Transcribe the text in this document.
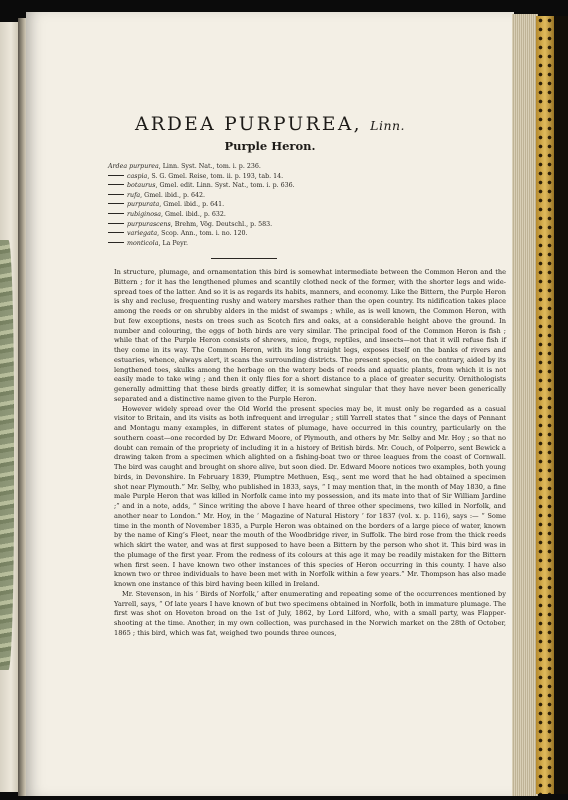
ARDEA PURPUREA, Linn.
Purple Heron.
Ardea purpurea, Linn. Syst. Nat., tom. i. p. 236.
caspia, S. G. Gmel. Reise, tom. ii. p. 193, tab. 14.
botaurus, Gmel. edit. Linn. Syst. Nat., tom. i. p. 636.
rufa, Gmel. ibid., p. 642.
purpurata, Gmel. ibid., p. 641.
rubiginosa, Gmel. ibid., p. 632.
purpurascens, Brehm, Vög. Deutschl., p. 583.
variegata, Scop. Ann., tom. i. no. 120.
monticola, La Peyr.

In structure, plumage, and ornamentation this bird is somewhat intermediate between the Common Heron and the Bittern ; for it has the lengthened plumes and scantily clothed neck of the former, with the shorter legs and wide-spread toes of the latter. And so it is as regards its habits, manners, and economy. Like the Bittern, the Purple Heron is shy and recluse, frequenting rushy and watery marshes rather than the open country. Its nidification takes place among the reeds or on shrubby alders in the midst of swamps ; while, as is well known, the Common Heron, with but few exceptions, nests on trees such as Scotch firs and oaks, at a considerable height above the ground. In number and colouring, the eggs of both birds are very similar. The principal food of the Common Heron is fish ; while that of the Purple Heron consists of shrews, mice, frogs, reptiles, and insects—not that it will refuse fish if they come in its way. The Common Heron, with its long straight legs, exposes itself on the banks of rivers and estuaries, whence, always alert, it scans the surrounding districts. The present species, on the contrary, aided by its lengthened toes, skulks among the herbage on the watery beds of reeds and aquatic plants, from which it is not easily made to take wing ; and then it only flies for a short distance to a place of greater security. Ornithologists generally admitting that these birds greatly differ, it is somewhat singular that they have never been generically separated and a distinctive name given to the Purple Heron.

However widely spread over the Old World the present species may be, it must only be regarded as a casual visitor to Britain, and its visits as both infrequent and irregular ; still Yarrell states that “ since the days of Pennant and Montagu many examples, in different states of plumage, have occurred in this country, particularly on the southern coast—one recorded by Dr. Edward Moore, of Plymouth, and others by Mr. Selby and Mr. Hoy ; so that no doubt can remain of the propriety of including it in a history of British birds. Mr. Couch, of Polperro, sent Bewick a drawing taken from a specimen which alighted on a fishing-boat two or three leagues from the coast of Cornwall. The bird was caught and brought on shore alive, but soon died. Dr. Edward Moore notices two examples, both young birds, in Devonshire. In February 1839, Plumptre Methuen, Esq., sent me word that he had obtained a specimen shot near Plymouth.” Mr. Selby, who published in 1833, says, “ I may mention that, in the month of May 1830, a fine male Purple Heron that was killed in Norfolk came into my possession, and its mate into that of Sir William Jardine ;” and in a note, adds, “ Since writing the above I have heard of three other specimens, two killed in Norfolk, and another near to London.” Mr. Hoy, in the ‘ Magazine of Natural History ’ for 1837 (vol. x. p. 116), says :— “ Some time in the month of November 1835, a Purple Heron was obtained on the borders of a large piece of water, known by the name of King’s Fleet, near the mouth of the Woodbridge river, in Suffolk. The bird rose from the thick reeds which skirt the water, and was at first supposed to have been a Bittern by the person who shot it. This bird was in the plumage of the first year. From the redness of its colours at this age it may be readily mistaken for the Bittern when first seen. I have known two other instances of this species of Heron occurring in this county. I have also known two or three individuals to have been met with in Norfolk within a few years.” Mr. Thompson has also made known one instance of this bird having been killed in Ireland.

Mr. Stevenson, in his ‘ Birds of Norfolk,’ after enumerating and repeating some of the occurrences mentioned by Yarrell, says, “ Of late years I have known of but two specimens obtained in Norfolk, both in immature plumage. The first was shot on Hoveton broad on the 1st of July, 1862, by Lord Lilford, who, with a small party, was Flapper-shooting at the time. Another, in my own collection, was purchased in the Norwich market on the 28th of October, 1865 ; this bird, which was fat, weighed two pounds three ounces,
